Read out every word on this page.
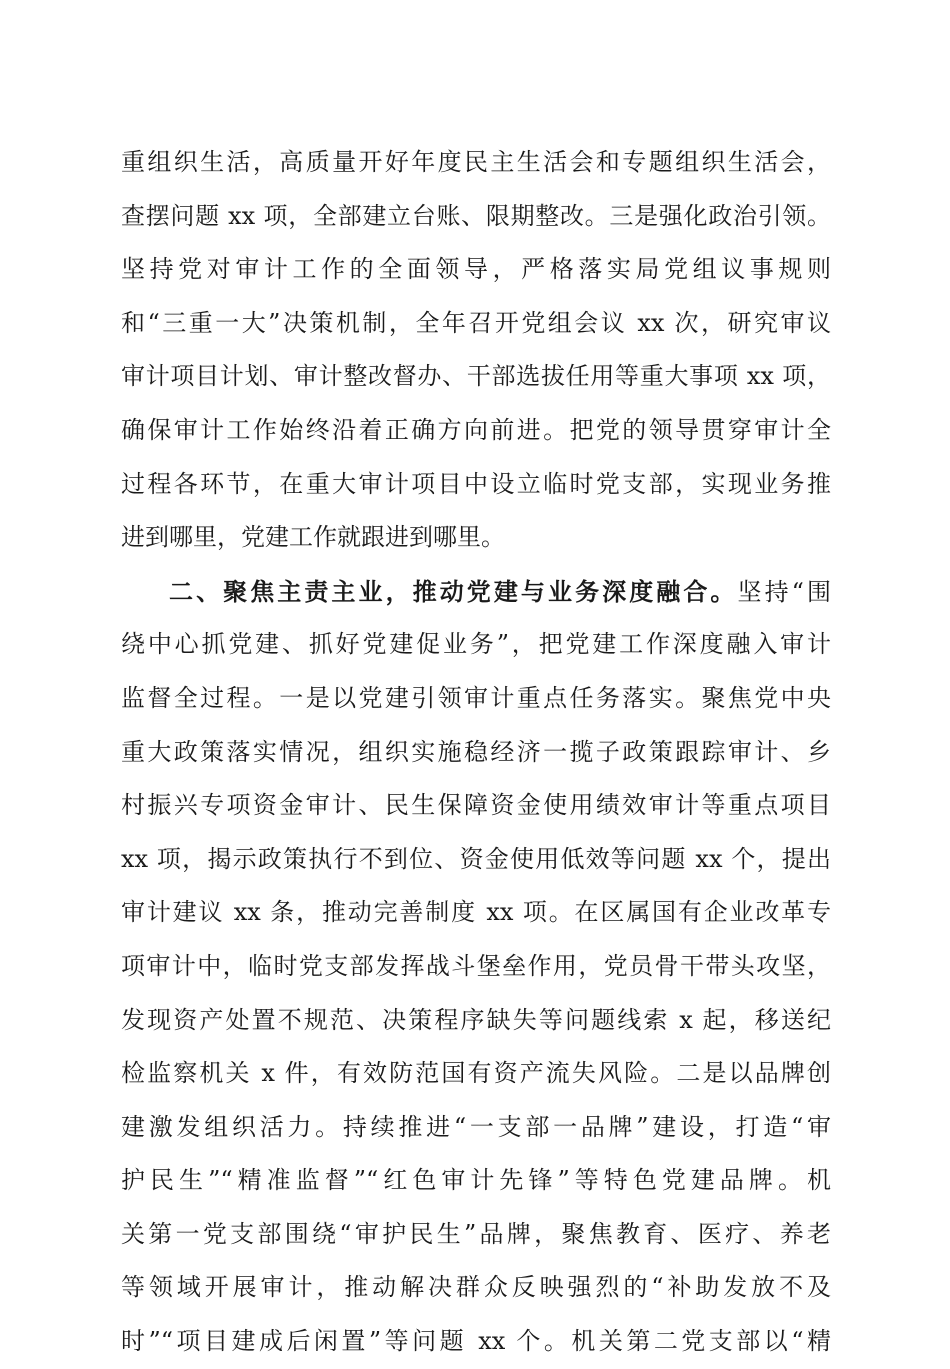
重组织生活，高质量开好年度民主生活会和专题组织生活会，
查摆问题 xx 项，全部建立台账、限期整改。三是强化政治引领。
坚持党对审计工作的全面领导，严格落实局党组议事规则
和“三重一大”决策机制，全年召开党组会议 xx 次，研究审议
审计项目计划、审计整改督办、干部选拔任用等重大事项 xx 项，
确保审计工作始终沿着正确方向前进。把党的领导贯穿审计全
过程各环节，在重大审计项目中设立临时党支部，实现业务推
进到哪里，党建工作就跟进到哪里。
二、聚焦主责主业，推动党建与业务深度融合。坚持“围
绕中心抓党建、抓好党建促业务”，把党建工作深度融入审计
监督全过程。一是以党建引领审计重点任务落实。聚焦党中央
重大政策落实情况，组织实施稳经济一揽子政策跟踪审计、乡
村振兴专项资金审计、民生保障资金使用绩效审计等重点项目
xx 项，揭示政策执行不到位、资金使用低效等问题 xx 个，提出
审计建议 xx 条，推动完善制度 xx 项。在区属国有企业改革专
项审计中，临时党支部发挥战斗堡垒作用，党员骨干带头攻坚，
发现资产处置不规范、决策程序缺失等问题线索 x 起，移送纪
检监察机关 x 件，有效防范国有资产流失风险。二是以品牌创
建激发组织活力。持续推进“一支部一品牌”建设，打造“审
护民生”“精准监督”“红色审计先锋”等特色党建品牌。机
关第一党支部围绕“审护民生”品牌，聚焦教育、医疗、养老
等领域开展审计，推动解决群众反映强烈的“补助发放不及
时”“项目建成后闲置”等问题 xx 个。机关第二党支部以“精
